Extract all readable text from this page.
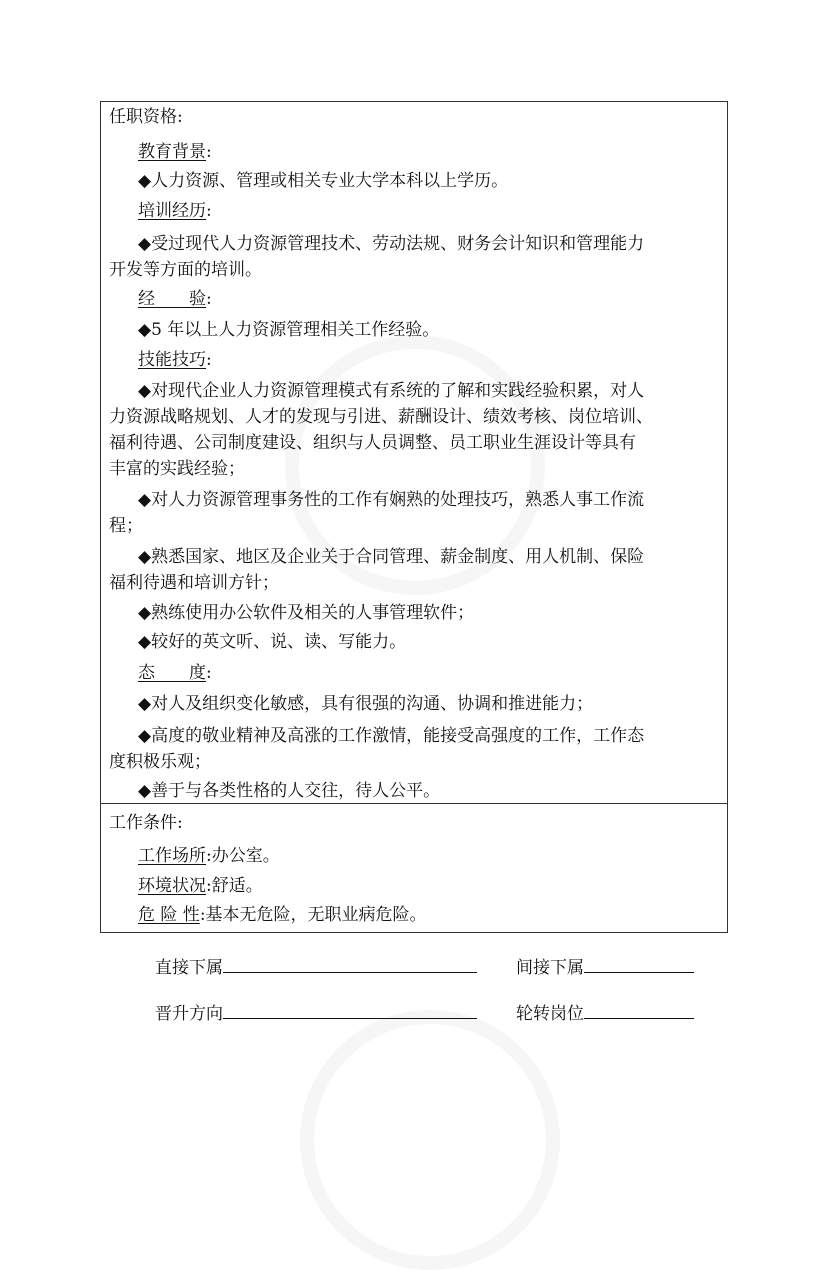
任职资格:
教育背景:
◆人力资源、管理或相关专业大学本科以上学历。
培训经历:
◆受过现代人力资源管理技术、劳动法规、财务会计知识和管理能力
开发等方面的培训。
经　　验:
◆5 年以上人力资源管理相关工作经验。
技能技巧:
◆对现代企业人力资源管理模式有系统的了解和实践经验积累，对人
力资源战略规划、人才的发现与引进、薪酬设计、绩效考核、岗位培训、
福利待遇、公司制度建设、组织与人员调整、员工职业生涯设计等具有
丰富的实践经验；
◆对人力资源管理事务性的工作有娴熟的处理技巧，熟悉人事工作流
程；
◆熟悉国家、地区及企业关于合同管理、薪金制度、用人机制、保险
福利待遇和培训方针；
◆熟练使用办公软件及相关的人事管理软件；
◆较好的英文听、说、读、写能力。
态　　度:
◆对人及组织变化敏感，具有很强的沟通、协调和推进能力；
◆高度的敬业精神及高涨的工作激情，能接受高强度的工作，工作态
度积极乐观；
◆善于与各类性格的人交往，待人公平。
工作条件:
工作场所:办公室。
环境状况:舒适。
危 险 性:基本无危险，无职业病危险。
直接下属	间接下属
晋升方向	轮转岗位
